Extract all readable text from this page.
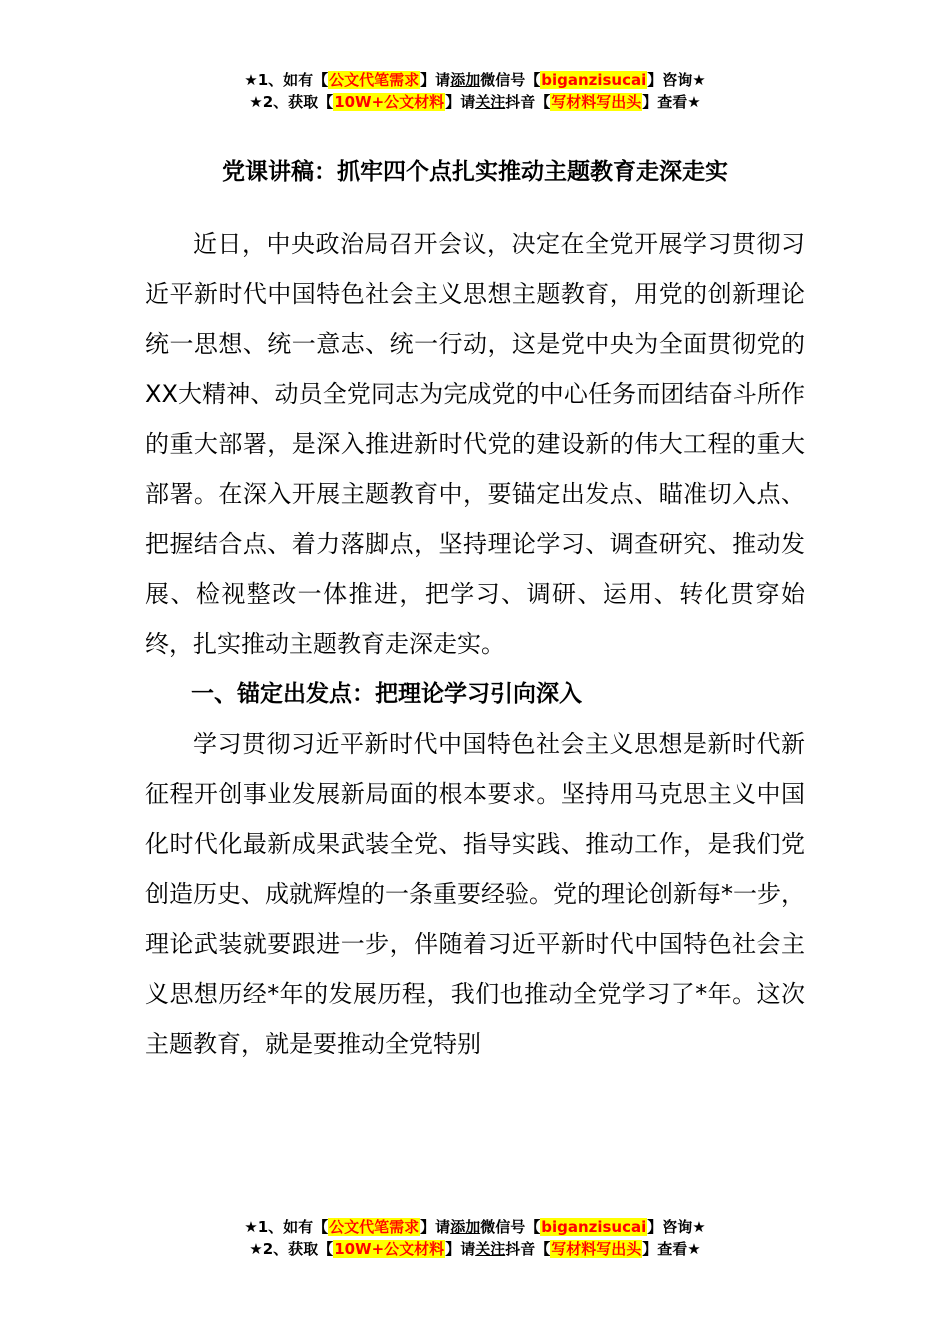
★1、如有【公文代笔需求】请添加微信号【biganzisucai】咨询★
★2、获取【10W+公文材料】请关注抖音【写材料写出头】查看★
党课讲稿：抓牢四个点扎实推动主题教育走深走实

近日，中央政治局召开会议，决定在全党开展学习贯彻习近平新时代中国特色社会主义思想主题教育，用党的创新理论统一思想、统一意志、统一行动，这是党中央为全面贯彻党的XX大精神、动员全党同志为完成党的中心任务而团结奋斗所作的重大部署，是深入推进新时代党的建设新的伟大工程的重大部署。在深入开展主题教育中，要锚定出发点、瞄准切入点、把握结合点、着力落脚点，坚持理论学习、调查研究、推动发展、检视整改一体推进，把学习、调研、运用、转化贯穿始终，扎实推动主题教育走深走实。

一、锚定出发点：把理论学习引向深入

学习贯彻习近平新时代中国特色社会主义思想是新时代新征程开创事业发展新局面的根本要求。坚持用马克思主义中国化时代化最新成果武装全党、指导实践、推动工作，是我们党创造历史、成就辉煌的一条重要经验。党的理论创新每*一步，理论武装就要跟进一步，伴随着习近平新时代中国特色社会主义思想历经*年的发展历程，我们也推动全党学习了*年。这次主题教育，就是要推动全党特别

★1、如有【公文代笔需求】请添加微信号【biganzisucai】咨询★
★2、获取【10W+公文材料】请关注抖音【写材料写出头】查看★
